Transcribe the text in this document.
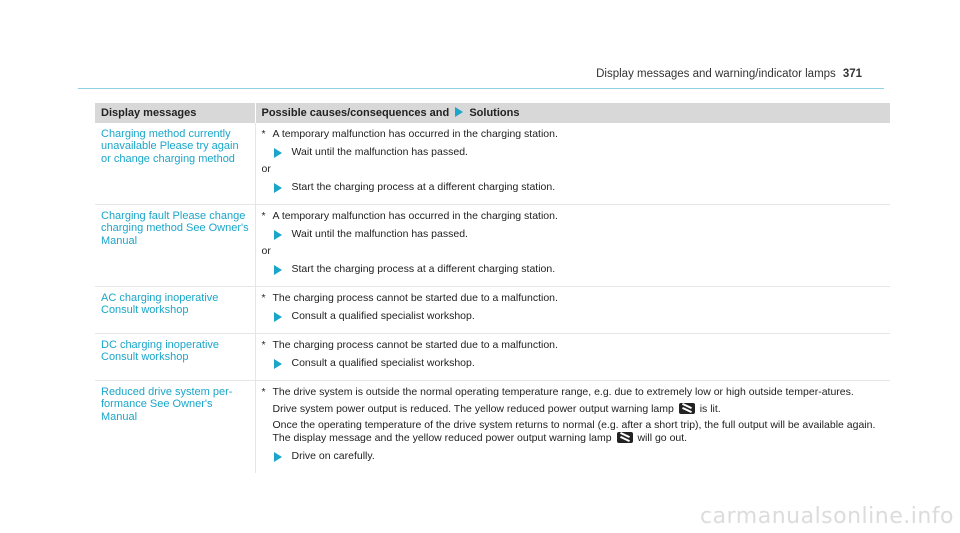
Display messages and warning/indicator lamps 371
Display messages	Possible causes/consequences and Solutions
Charging method currently unavailable Please try again or change charging method	* A temporary malfunction has occurred in the charging station.
Wait until the malfunction has passed.
or
Start the charging process at a different charging station.

Charging fault Please change charging method See Owner's Manual	* A temporary malfunction has occurred in the charging station.
Wait until the malfunction has passed.
or
Start the charging process at a different charging station.

AC charging inoperative Consult workshop	* The charging process cannot be started due to a malfunction.
Consult a qualified specialist workshop.

DC charging inoperative Consult workshop	* The charging process cannot be started due to a malfunction.
Consult a qualified specialist workshop.

Reduced drive system per-formance See Owner's Manual	* The drive system is outside the normal operating temperature range, e.g. due to extremely low or high outside temper-atures.
Drive system power output is reduced. The yellow reduced power output warning lamp is lit.
Once the operating temperature of the drive system returns to normal (e.g. after a short trip), the full output will be available again. The display message and the yellow reduced power output warning lamp will go out.
Drive on carefully.
carmanualsonline.info
